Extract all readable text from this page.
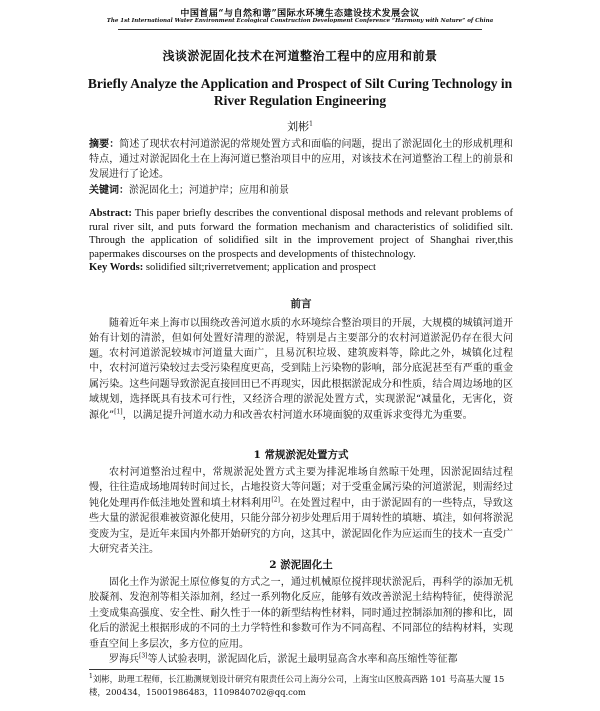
中国首届“与自然和谐”国际水环境生态建设技术发展会议
The 1st International Water Environment Ecological Construction Development Conference “Harmony with Nature” of China
浅谈淤泥固化技术在河道整治工程中的应用和前景
Briefly Analyze the Application and Prospect of Silt Curing Technology in River Regulation Engineering
刘彬$^1$
摘要：简述了现状农村河道淤泥的常规处置方式和面临的问题，提出了淤泥固化土的形成机理和特点，通过对淤泥固化土在上海河道已整治项目中的应用，对该技术在河道整治工程上的前景和发展进行了论述。
关键词：淤泥固化土；河道护岸；应用和前景
Abstract: This paper briefly describes the conventional disposal methods and relevant problems of rural river silt, and puts forward the formation mechanism and characteristics of solidified silt. Through the application of solidified silt in the improvement project of Shanghai river,this papermakes discourses on the prospects and developments of thistechnology.
Key Words: solidified silt;riverretvement; application and prospect
前言
随着近年来上海市以围绕改善河道水质的水环境综合整治项目的开展，大规模的城镇河道开始有计划的清淤，但如何处置好清理的淤泥，特别是占主要部分的农村河道淤泥仍存在很大问题。 农村河道淤泥较城市河道量大面广，且易沉积垃圾、建筑废料等，除此之外，城镇化过程中，农村河道污染较过去受污染程度更高，受到陆上污染物的影响，部分底泥甚至有严重的重金属污染。这些问题导致淤泥直接回田已不再现实，因此根据淤泥成分和性质，结合周边场地的区域规划，选择既具有技术可行性，又经济合理的淤泥处置方式，实现淤泥“减量化，无害化，资源化”[1]，以满足提升河道水动力和改善农村河道水环境面貌的双重诉求变得尤为重要。
1 常规淤泥处置方式
农村河道整治过程中，常规淤泥处置方式主要为排泥堆场自然晾干处理，因淤泥固结过程慢，往往造成场地周转时间过长，占地投资大等问题；对于受重金属污染的河道淤泥，则需经过钝化处理再作低洼地处置和填土材料利用[2]。在处置过程中，由于淤泥固有的一些特点，导致这些大量的淤泥很难被资源化使用，只能分部分初步处理后用于周转性的填塘、填洼，如何将淤泥变废为宝，是近年来国内外都开始研究的方向，这其中，淤泥固化作为应运而生的技术一直受广大研究者关注。
2 淤泥固化土
固化土作为淤泥土原位修复的方式之一，通过机械原位搅拌现状淤泥后，再科学的添加无机胶凝剂、发泡剂等相关添加剂，经过一系列物化反应，能够有效改善淤泥土结构特征，使得淤泥土变成集高强度、安全性、耐久性于一体的新型结构性材料，同时通过控制添加剂的掺和比，固化后的淤泥土根据形成的不同的土力学特性和参数可作为不同高程、不同部位的结构材料，实现垂直空间上多层次，多方位的应用。
罗海兵[3]等人试验表明，淤泥固化后，淤泥土最明显高含水率和高压缩性等征都
$^1$刘彬，助理工程师，长江勘测规划设计研究有限责任公司上海分公司，上海宝山区殷高西路 101 号高基大厦 15 楼，200434，15001986483，1109840702@qq.com
